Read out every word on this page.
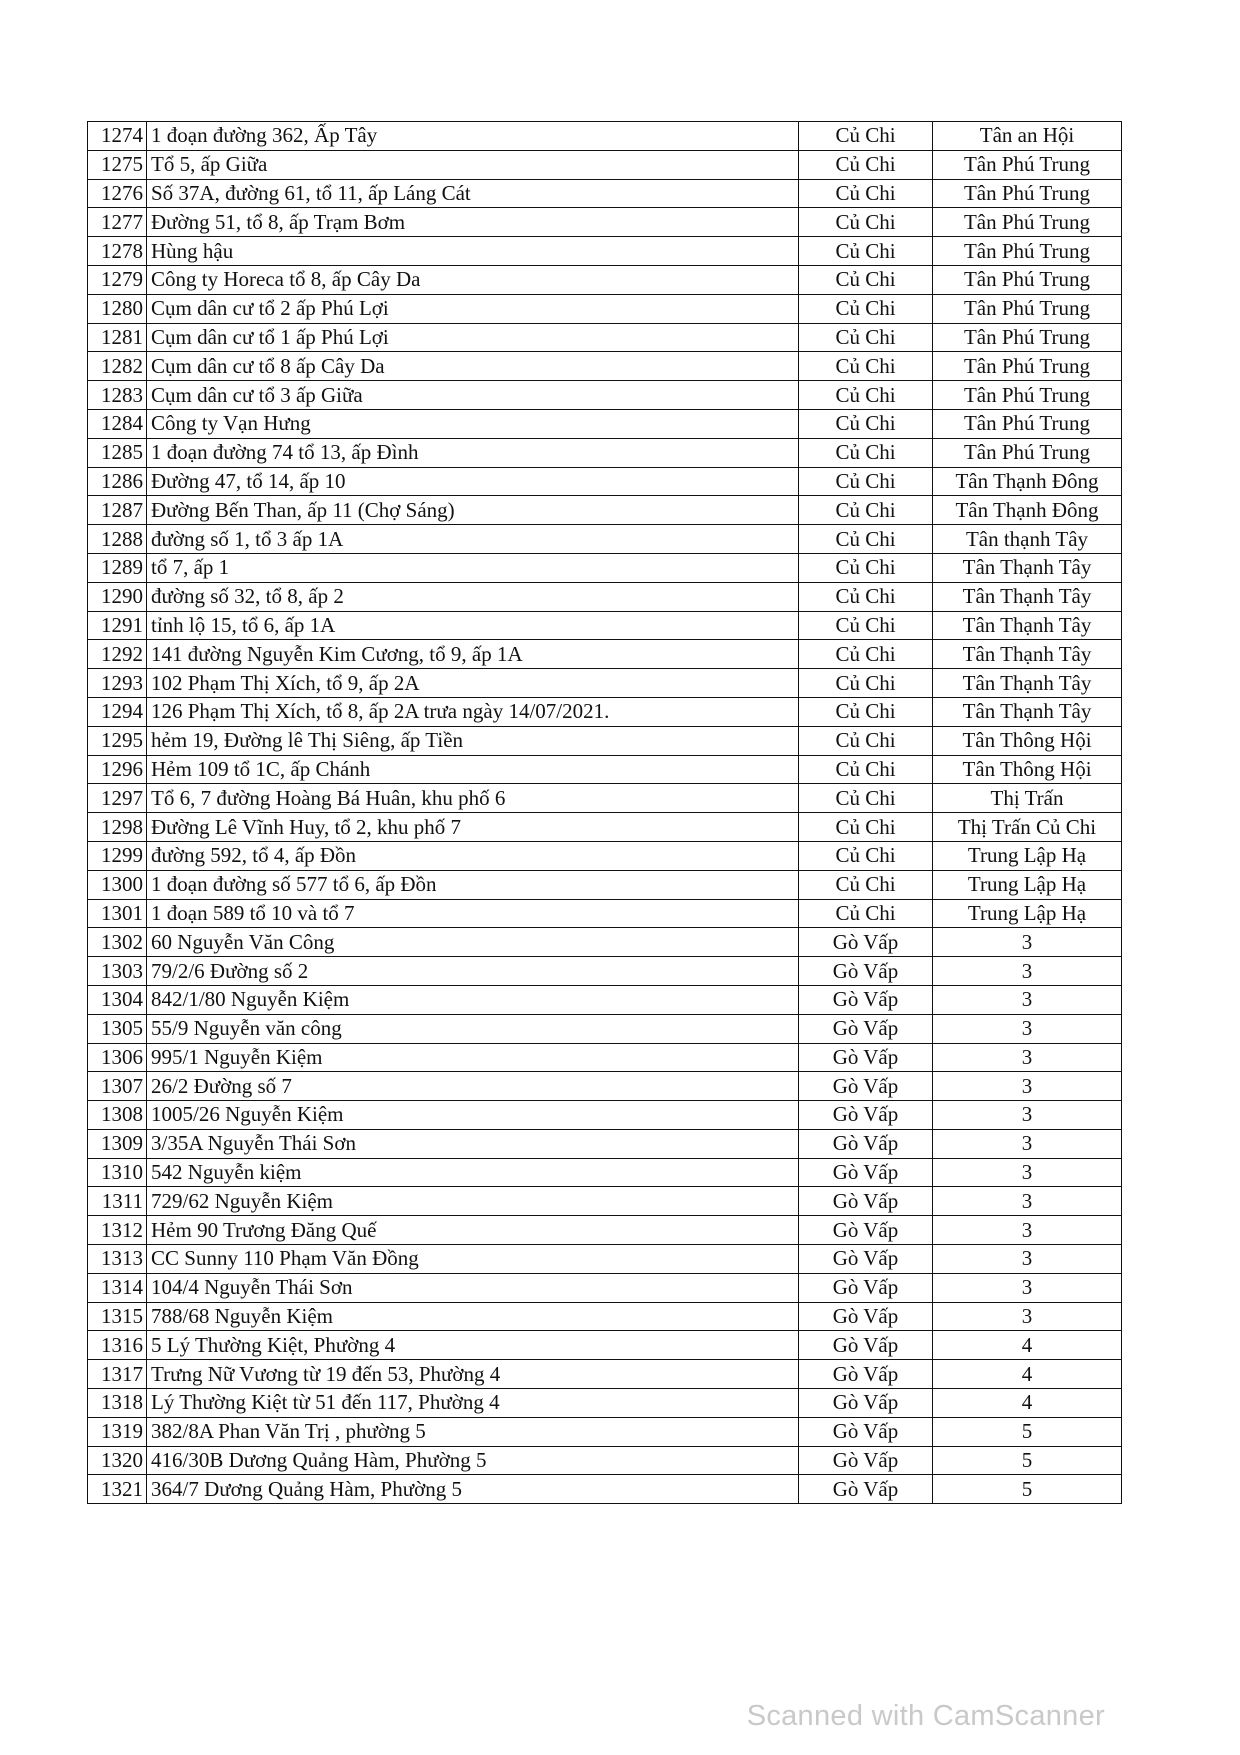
1274	1 đoạn đường 362, Ấp Tây	Củ Chi	Tân an Hội
1275	Tổ 5, ấp Giữa	Củ Chi	Tân Phú Trung
1276	Số 37A, đường 61, tổ 11, ấp Láng Cát	Củ Chi	Tân Phú Trung
1277	Đường 51, tổ 8, ấp Trạm Bơm	Củ Chi	Tân Phú Trung
1278	Hùng hậu	Củ Chi	Tân Phú Trung
1279	Công ty Horeca tổ 8, ấp Cây Da	Củ Chi	Tân Phú Trung
1280	Cụm dân cư tổ 2 ấp Phú Lợi	Củ Chi	Tân Phú Trung
1281	Cụm dân cư tổ 1 ấp Phú Lợi	Củ Chi	Tân Phú Trung
1282	Cụm dân cư tổ 8 ấp Cây Da	Củ Chi	Tân Phú Trung
1283	Cụm dân cư tổ 3 ấp Giữa	Củ Chi	Tân Phú Trung
1284	Công ty Vạn Hưng	Củ Chi	Tân Phú Trung
1285	1 đoạn đường 74 tổ 13, ấp Đình	Củ Chi	Tân Phú Trung
1286	Đường 47, tổ 14, ấp 10	Củ Chi	Tân Thạnh Đông
1287	Đường Bến Than, ấp 11 (Chợ Sáng)	Củ Chi	Tân Thạnh Đông
1288	đường số 1, tổ 3 ấp 1A	Củ Chi	Tân thạnh Tây
1289	tổ 7, ấp 1	Củ Chi	Tân Thạnh Tây
1290	đường số 32, tổ 8, ấp 2	Củ Chi	Tân Thạnh Tây
1291	tỉnh lộ 15, tổ 6, ấp 1A	Củ Chi	Tân Thạnh Tây
1292	141 đường Nguyễn Kim Cương, tổ 9, ấp 1A	Củ Chi	Tân Thạnh Tây
1293	102 Phạm Thị Xích, tổ 9, ấp 2A	Củ Chi	Tân Thạnh Tây
1294	126 Phạm Thị Xích, tổ 8, ấp 2A trưa ngày 14/07/2021.	Củ Chi	Tân Thạnh Tây
1295	hẻm 19, Đường lê Thị Siêng, ấp Tiền	Củ Chi	Tân Thông Hội
1296	Hẻm 109 tổ 1C, ấp Chánh	Củ Chi	Tân Thông Hội
1297	Tổ 6, 7 đường Hoàng Bá Huân, khu phố 6	Củ Chi	Thị Trấn
1298	Đường Lê Vĩnh Huy, tổ 2, khu phố 7	Củ Chi	Thị Trấn Củ Chi
1299	đường 592, tổ 4, ấp Đồn	Củ Chi	Trung Lập Hạ
1300	1 đoạn đường số 577 tổ 6, ấp Đồn	Củ Chi	Trung Lập Hạ
1301	1 đoạn 589 tổ 10 và tổ 7	Củ Chi	Trung Lập Hạ
1302	60 Nguyễn Văn Công	Gò Vấp	3
1303	79/2/6 Đường số 2	Gò Vấp	3
1304	842/1/80 Nguyễn Kiệm	Gò Vấp	3
1305	55/9 Nguyễn văn công	Gò Vấp	3
1306	995/1 Nguyễn Kiệm	Gò Vấp	3
1307	26/2 Đường số 7	Gò Vấp	3
1308	1005/26 Nguyễn Kiệm	Gò Vấp	3
1309	3/35A Nguyễn Thái Sơn	Gò Vấp	3
1310	542 Nguyễn kiệm	Gò Vấp	3
1311	729/62 Nguyễn Kiệm	Gò Vấp	3
1312	Hẻm 90 Trương Đăng Quế	Gò Vấp	3
1313	CC Sunny 110 Phạm Văn Đồng	Gò Vấp	3
1314	104/4 Nguyễn Thái Sơn	Gò Vấp	3
1315	788/68 Nguyễn Kiệm	Gò Vấp	3
1316	5 Lý Thường Kiệt, Phường 4	Gò Vấp	4
1317	Trưng Nữ Vương từ 19 đến 53, Phường 4	Gò Vấp	4
1318	Lý Thường Kiệt từ 51 đến 117, Phường 4	Gò Vấp	4
1319	382/8A Phan Văn Trị , phường 5	Gò Vấp	5
1320	416/30B Dương Quảng Hàm, Phường 5	Gò Vấp	5
1321	364/7 Dương Quảng Hàm, Phường 5	Gò Vấp	5
Scanned with CamScanner
